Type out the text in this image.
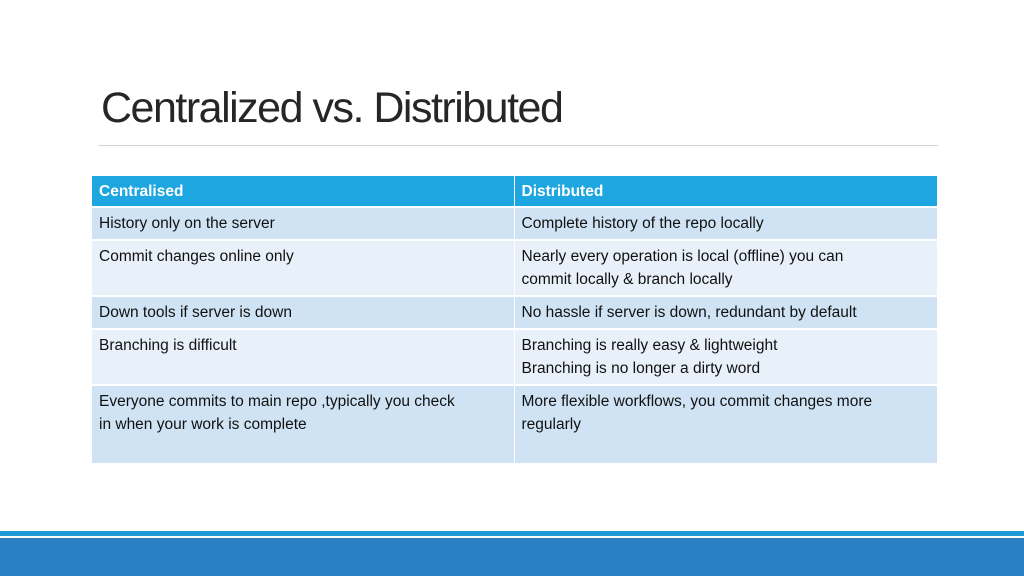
Centralized vs. Distributed
Centralised	Distributed

History only on the server	Complete history of the repo locally

Commit changes online only	Nearly every operation is local (offline) you can
commit locally & branch locally

Down tools if server is down	No hassle if server is down, redundant by default

Branching is difficult	Branching is really easy & lightweight
Branching is no longer a dirty word

Everyone commits to main repo ,typically you check
in when your work is complete	More flexible workflows, you commit changes more
regularly
